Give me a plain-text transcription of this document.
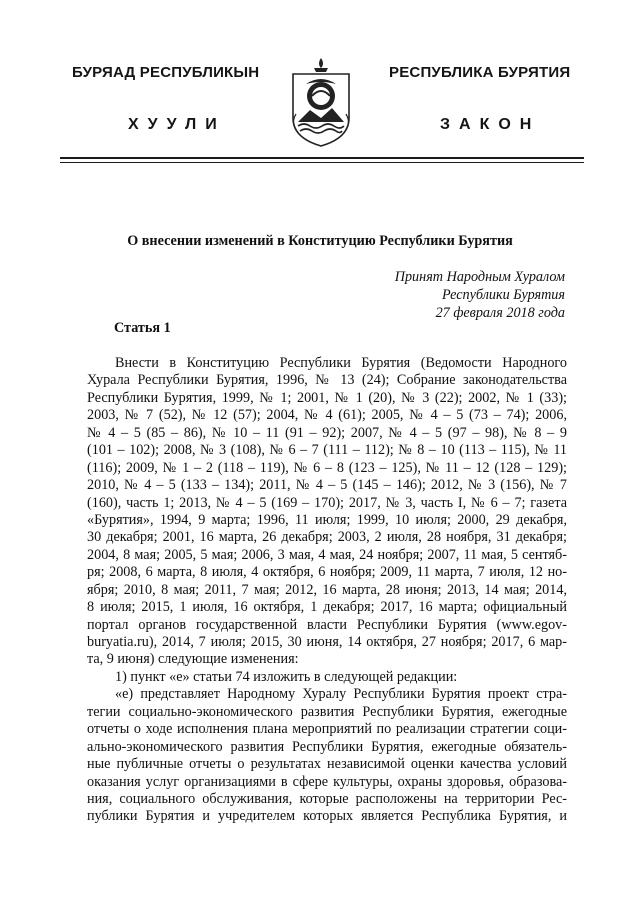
БУРЯАД РЕСПУБЛИКЫН	РЕСПУБЛИКА БУРЯТИЯ
ХУУЛИ	ЗАКОН
О внесении изменений в Конституцию Республики Бурятия
Принят Народным Хуралом
Республики Бурятия
27 февраля 2018 года
Статья 1
Внести в Конституцию Республики Бурятия (Ведомости Народного
Хурала Республики Бурятия, 1996, № 13 (24); Собрание законодательства
Республики Бурятия, 1999, № 1; 2001, № 1 (20), № 3 (22); 2002, № 1 (33);
2003, № 7 (52), № 12 (57); 2004, № 4 (61); 2005, № 4 – 5 (73 – 74); 2006,
№ 4 – 5 (85 – 86), № 10 – 11 (91 – 92); 2007, № 4 – 5 (97 – 98), № 8 – 9
(101 – 102); 2008, № 3 (108), № 6 – 7 (111 – 112); № 8 – 10 (113 – 115), № 11
(116); 2009, № 1 – 2 (118 – 119), № 6 – 8 (123 – 125), № 11 – 12 (128 – 129);
2010, № 4 – 5 (133 – 134); 2011, № 4 – 5 (145 – 146); 2012, № 3 (156), № 7
(160), часть 1; 2013, № 4 – 5 (169 – 170); 2017, № 3, часть I, № 6 – 7; газета
«Бурятия», 1994, 9 марта; 1996, 11 июля; 1999, 10 июля; 2000, 29 декабря,
30 декабря; 2001, 16 марта, 26 декабря; 2003, 2 июля, 28 ноября, 31 декабря;
2004, 8 мая; 2005, 5 мая; 2006, 3 мая, 4 мая, 24 ноября; 2007, 11 мая, 5 сентяб-
ря; 2008, 6 марта, 8 июля, 4 октября, 6 ноября; 2009, 11 марта, 7 июля, 12 но-
ября; 2010, 8 мая; 2011, 7 мая; 2012, 16 марта, 28 июня; 2013, 14 мая; 2014,
8 июля; 2015, 1 июля, 16 октября, 1 декабря; 2017, 16 марта; официальный
портал органов государственной власти Республики Бурятия (www.egov-
buryatia.ru), 2014, 7 июля; 2015, 30 июня, 14 октября, 27 ноября; 2017, 6 мар-
та, 9 июня) следующие изменения:
1) пункт «е» статьи 74 изложить в следующей редакции:
«е) представляет Народному Хуралу Республики Бурятия проект стра-
тегии социально-экономического развития Республики Бурятия, ежегодные
отчеты о ходе исполнения плана мероприятий по реализации стратегии соци-
ально-экономического развития Республики Бурятия, ежегодные обязатель-
ные публичные отчеты о результатах независимой оценки качества условий
оказания услуг организациями в сфере культуры, охраны здоровья, образова-
ния, социального обслуживания, которые расположены на территории Рес-
публики Бурятия и учредителем которых является Республика Бурятия, и
